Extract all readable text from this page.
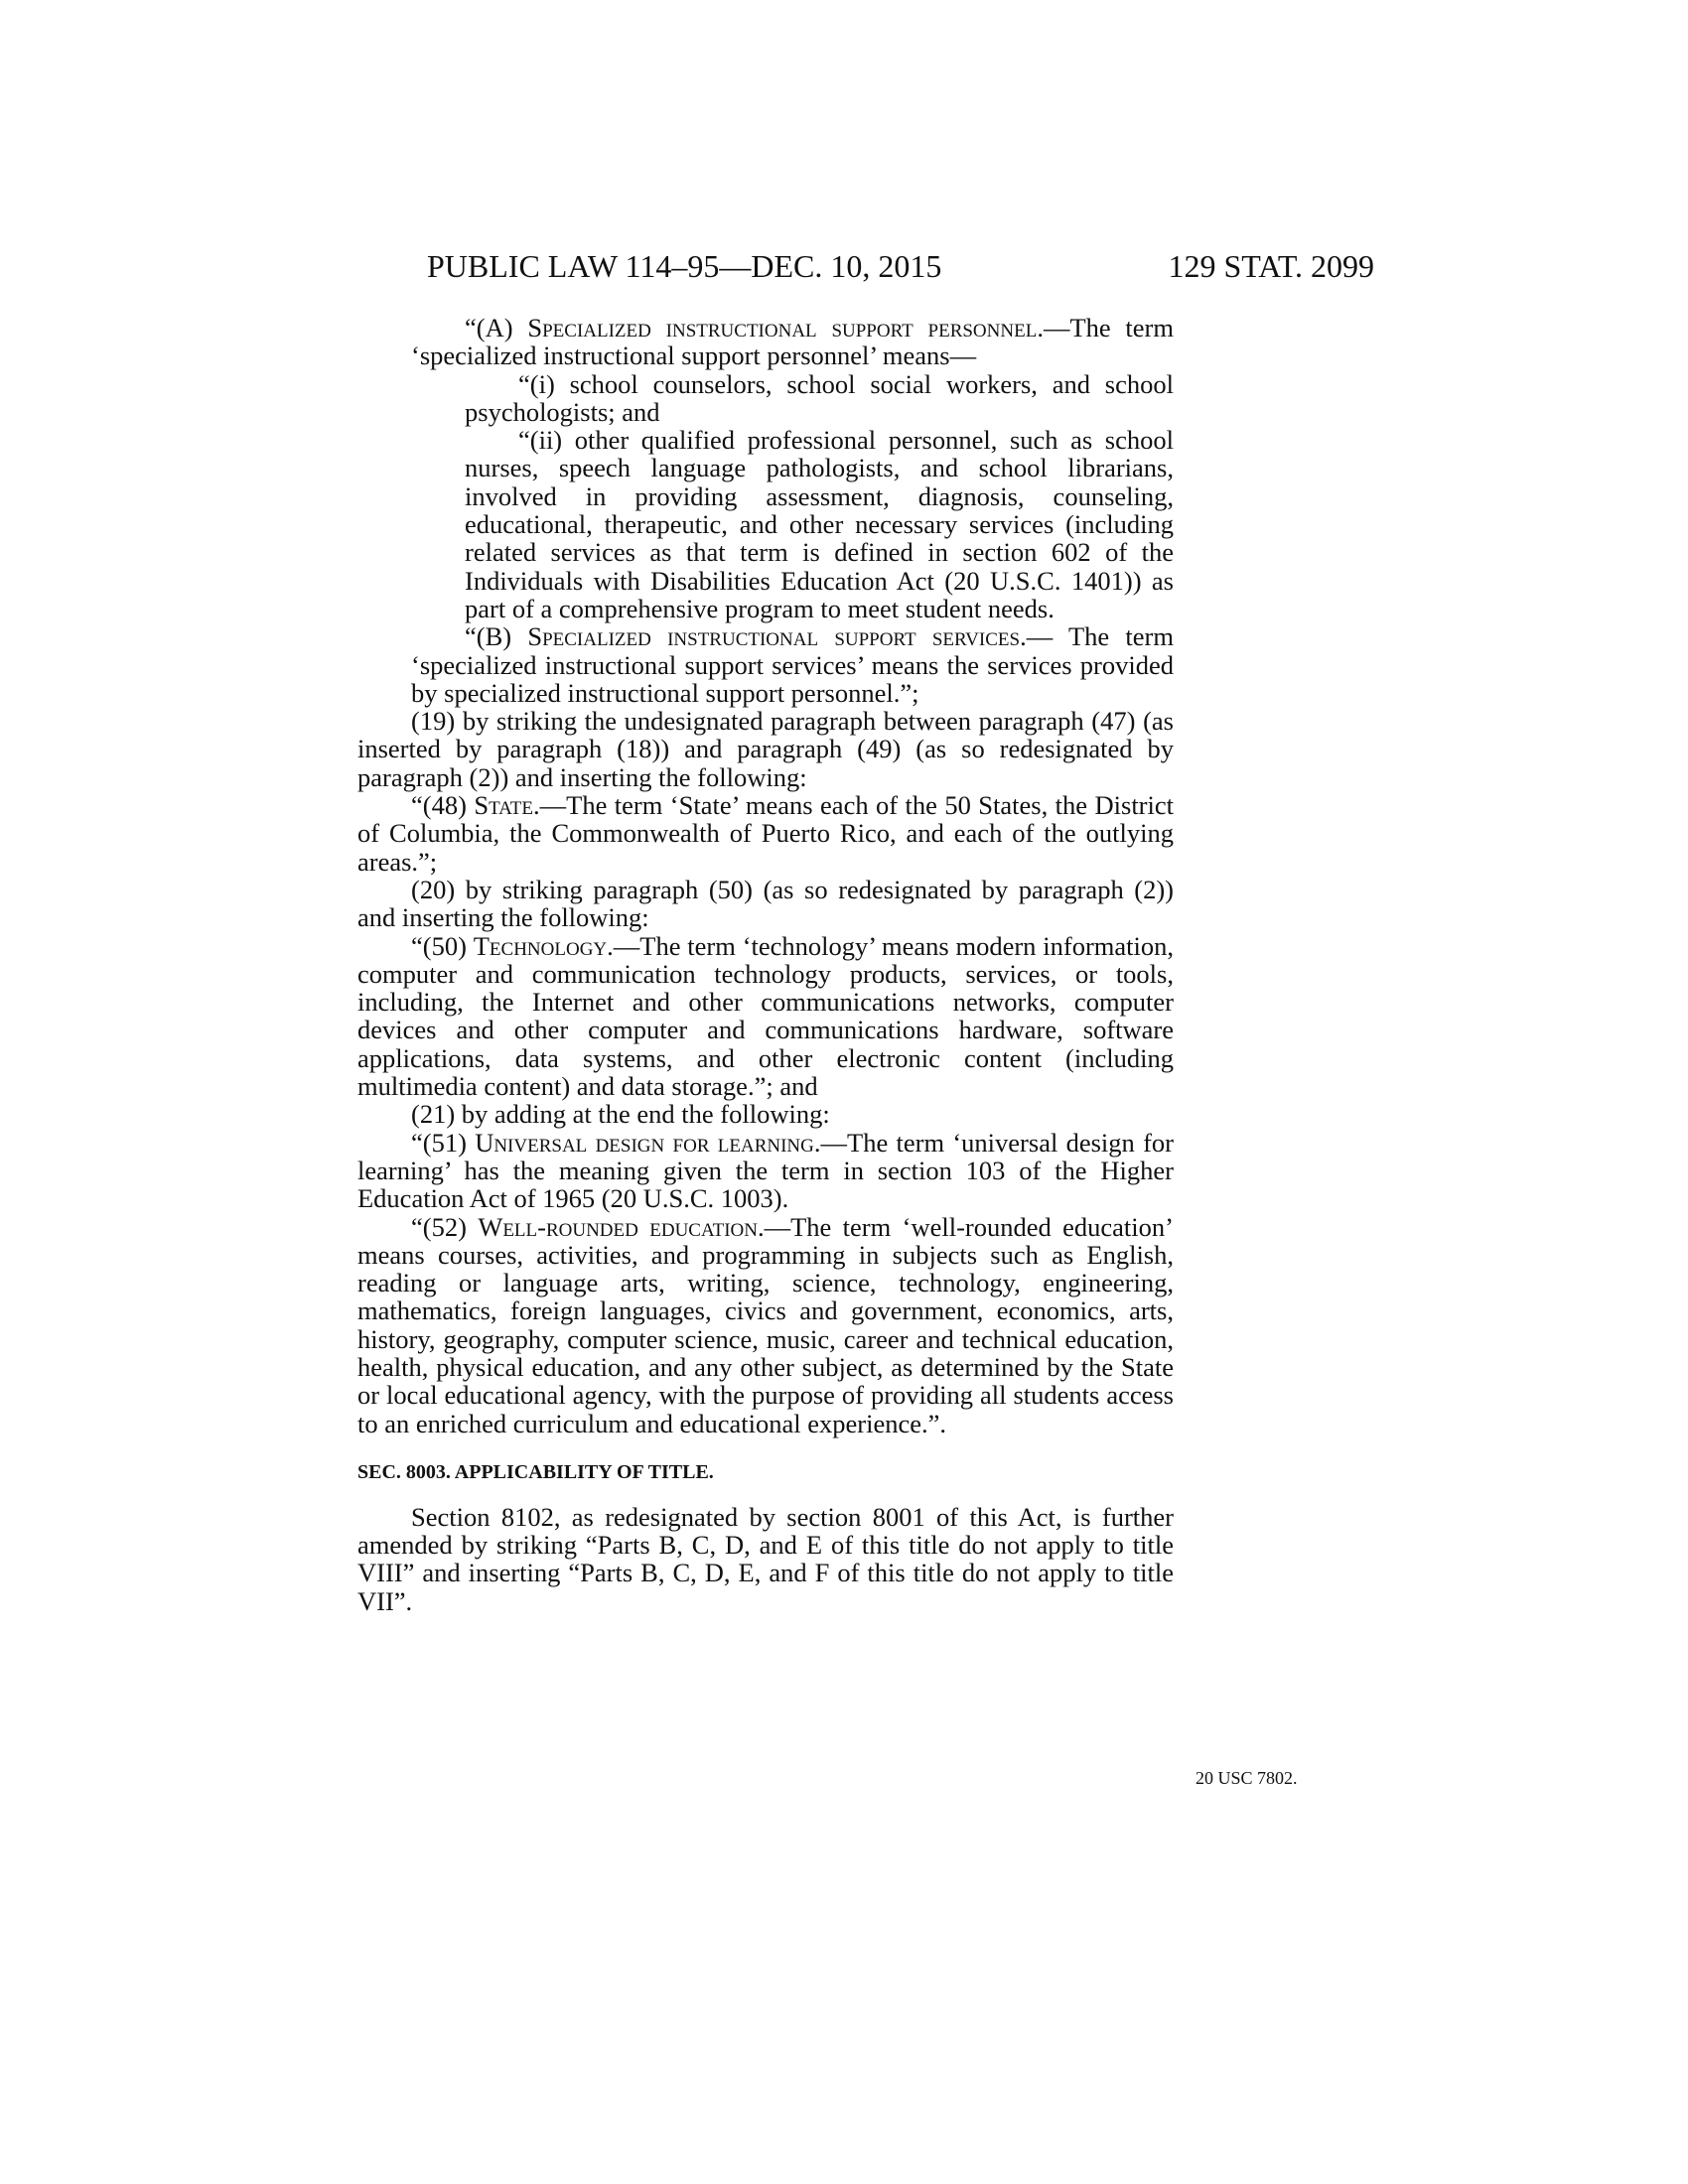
PUBLIC LAW 114–95—DEC. 10, 2015	129 STAT. 2099

“(A) Specialized instructional support personnel.—The term ‘specialized instructional support personnel’ means—

“(i) school counselors, school social workers, and school psychologists; and

“(ii) other qualified professional personnel, such as school nurses, speech language pathologists, and school librarians, involved in providing assessment, diagnosis, counseling, educational, therapeutic, and other necessary services (including related services as that term is defined in section 602 of the Individuals with Disabilities Education Act (20 U.S.C. 1401)) as part of a comprehensive program to meet student needs.

“(B) Specialized instructional support services.— The term ‘specialized instructional support services’ means the services provided by specialized instructional support personnel.”;

(19) by striking the undesignated paragraph between paragraph (47) (as inserted by paragraph (18)) and paragraph (49) (as so redesignated by paragraph (2)) and inserting the following:

“(48) State.—The term ‘State’ means each of the 50 States, the District of Columbia, the Commonwealth of Puerto Rico, and each of the outlying areas.”;

(20) by striking paragraph (50) (as so redesignated by paragraph (2)) and inserting the following:

“(50) Technology.—The term ‘technology’ means modern information, computer and communication technology products, services, or tools, including, the Internet and other communications networks, computer devices and other computer and communications hardware, software applications, data systems, and other electronic content (including multimedia content) and data storage.”; and

(21) by adding at the end the following:

“(51) Universal design for learning.—The term ‘universal design for learning’ has the meaning given the term in section 103 of the Higher Education Act of 1965 (20 U.S.C. 1003).

“(52) Well-rounded education.—The term ‘well-rounded education’ means courses, activities, and programming in subjects such as English, reading or language arts, writing, science, technology, engineering, mathematics, foreign languages, civics and government, economics, arts, history, geography, computer science, music, career and technical education, health, physical education, and any other subject, as determined by the State or local educational agency, with the purpose of providing all students access to an enriched curriculum and educational experience.”.

SEC. 8003. APPLICABILITY OF TITLE.

Section 8102, as redesignated by section 8001 of this Act, is further amended by striking “Parts B, C, D, and E of this title do not apply to title VIII” and inserting “Parts B, C, D, E, and F of this title do not apply to title VII”.

20 USC 7802.
